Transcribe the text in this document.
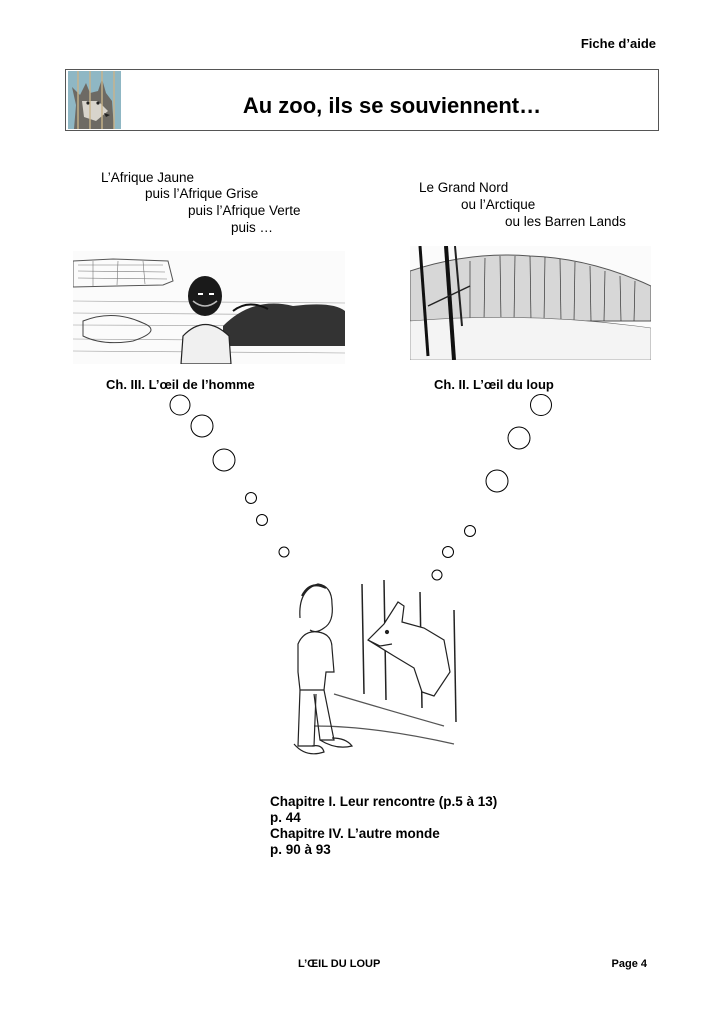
Fiche d’aide
Au zoo, ils se souviennent…
L’Afrique Jaune
puis l’Afrique Grise
puis l’Afrique Verte
puis …
Le Grand Nord
ou l’Arctique
ou les Barren Lands
Ch. III. L’œil de l’homme	Ch. II. L’œil du loup
Chapitre I. Leur rencontre (p.5 à 13)
p. 44
Chapitre IV. L’autre monde
p. 90 à 93
L’ŒIL DU LOUP	Page 4
